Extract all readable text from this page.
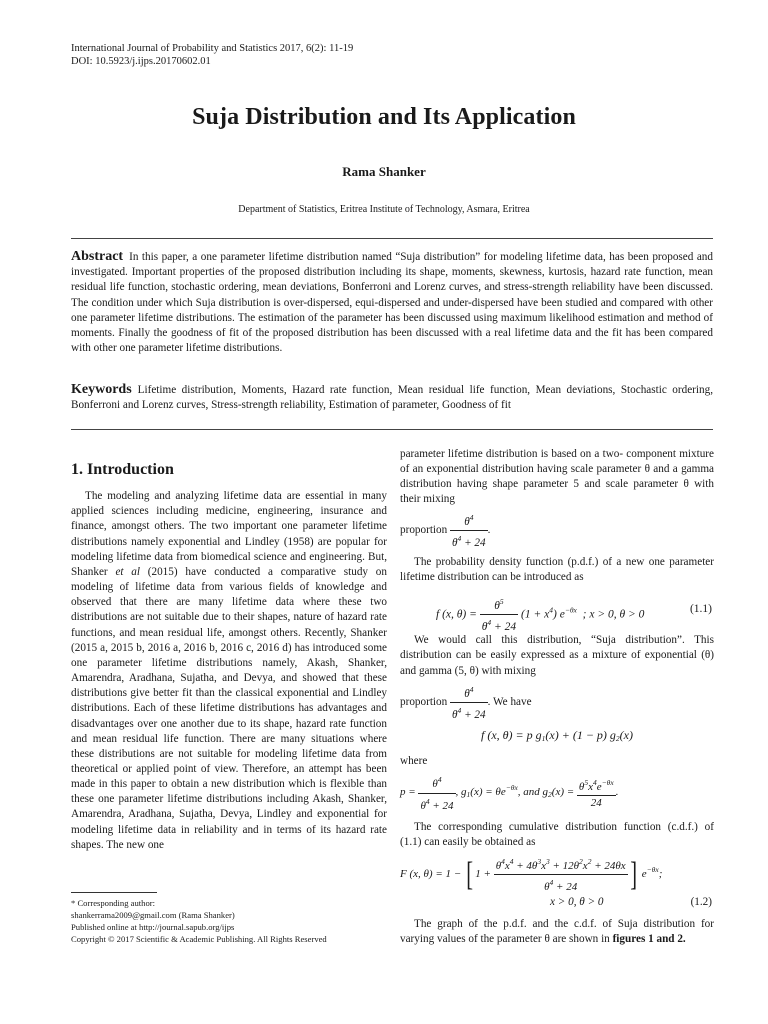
International Journal of Probability and Statistics 2017, 6(2): 11-19
DOI: 10.5923/j.ijps.20170602.01
Suja Distribution and Its Application
Rama Shanker
Department of Statistics, Eritrea Institute of Technology, Asmara, Eritrea
Abstract In this paper, a one parameter lifetime distribution named “Suja distribution” for modeling lifetime data, has been proposed and investigated. Important properties of the proposed distribution including its shape, moments, skewness, kurtosis, hazard rate function, mean residual life function, stochastic ordering, mean deviations, Bonferroni and Lorenz curves, and stress-strength reliability have been discussed. The condition under which Suja distribution is over-dispersed, equi-dispersed and under-dispersed have been studied and compared with other one parameter lifetime distributions. The estimation of the parameter has been discussed using maximum likelihood estimation and method of moments. Finally the goodness of fit of the proposed distribution has been discussed with a real lifetime data and the fit has been compared with other one parameter lifetime distributions.
Keywords Lifetime distribution, Moments, Hazard rate function, Mean residual life function, Mean deviations, Stochastic ordering, Bonferroni and Lorenz curves, Stress-strength reliability, Estimation of parameter, Goodness of fit
1. Introduction

The modeling and analyzing lifetime data are essential in many applied sciences including medicine, engineering, insurance and finance, amongst others. The two important one parameter lifetime distributions namely exponential and Lindley (1958) are popular for modeling lifetime data from biomedical science and engineering. But, Shanker et al (2015) have conducted a comparative study on modeling of lifetime data from various fields of knowledge and observed that there are many lifetime data where these two distributions are not suitable due to their shapes, nature of hazard rate functions, and mean residual life, amongst others. Recently, Shanker (2015 a, 2015 b, 2016 a, 2016 b, 2016 c, 2016 d) has introduced some one parameter lifetime distributions namely, Akash, Shanker, Amarendra, Aradhana, Sujatha, and Devya, and showed that these distributions give better fit than the classical exponential and Lindley distributions. Each of these lifetime distributions has advantages and disadvantages over one another due to its shape, hazard rate function and mean residual life function. There are many situations where these distributions are not suitable for modeling lifetime data from theoretical or applied point of view. Therefore, an attempt has been made in this paper to obtain a new distribution which is flexible than these one parameter lifetime distributions including Akash, Shanker, Amarendra, Aradhana, Sujatha, Devya, Lindley and exponential for modeling lifetime data in reliability and in terms of its hazard rate shapes. The new one

* Corresponding author:
shankerrama2009@gmail.com (Rama Shanker)
Published online at http://journal.sapub.org/ijps
Copyright © 2017 Scientific & Academic Publishing. All Rights Reserved

parameter lifetime distribution is based on a two- component mixture of an exponential distribution having scale parameter θ and a gamma distribution having shape parameter 5 and scale parameter θ with their mixing

proportion $\frac{\theta^4}{\theta^4 + 24}$ .

The probability density function (p.d.f.) of a new one parameter lifetime distribution can be introduced as

f (x, $\theta) = \frac{\theta^5}{\theta^4 + 24} (1 + x^4)$ $e^{-\theta x}$  ; x > 0, θ > 0	(1.1)

We would call this distribution, “Suja distribution”. This distribution can be easily expressed as a mixture of exponential (θ) and gamma (5, θ) with mixing

proportion $\frac{\theta^4}{\theta^4 + 24}$ . We have
f (x, θ) = p $g_1(x) + (1 - p)$ $g_2(x)$
where
$p = \frac{\theta^4}{\theta^4 + 24}$ , $g_1(x) = \theta e^{-\theta x}$, and $g_2(x) = \frac{\theta^5x^4e^{-\theta x}}{24}$ .

The corresponding cumulative distribution function (c.d.f.) of (1.1) can easily be obtained as

F (x, θ) = 1 − [ $1 + \frac{\theta^4x^4 + 4\theta^3x^3 + 12\theta^2x^2 + 24\theta x}{\theta^4 + 24}$ ] $e^{-\theta x}$;
x > 0, θ > 0	(1.2)

The graph of the p.d.f. and the c.d.f. of Suja distribution for varying values of the parameter θ are shown in figures 1 and 2.
